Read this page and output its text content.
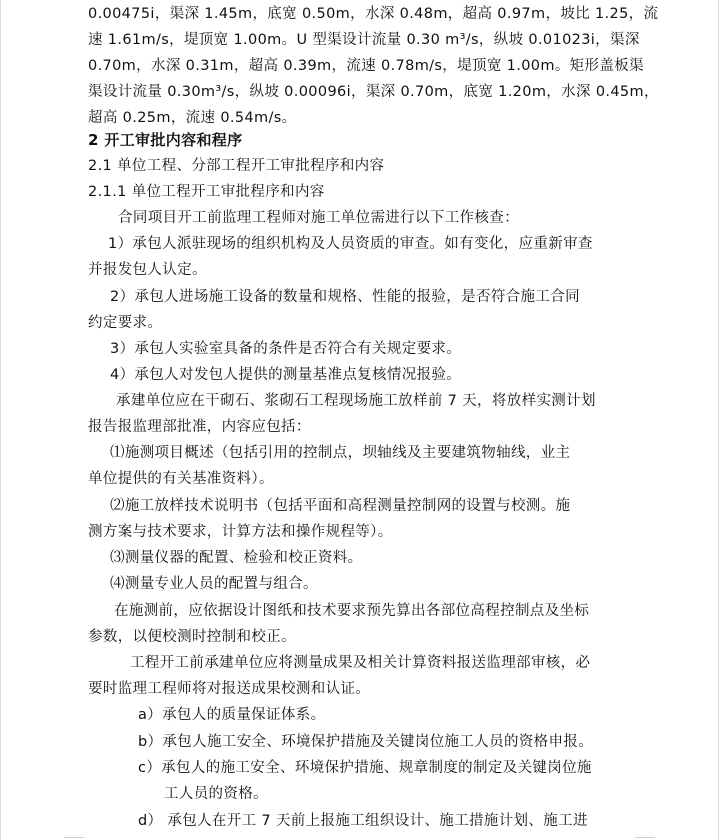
0.00475i，渠深 1.45m，底宽 0.50m，水深 0.48m，超高 0.97m，坡比 1.25，流
速 1.61m/s，堤顶宽 1.00m。U 型渠设计流量 0.30 m³/s，纵坡 0.01023i，渠深
0.70m，水深 0.31m，超高 0.39m，流速 0.78m/s，堤顶宽 1.00m。矩形盖板渠
渠设计流量 0.30m³/s，纵坡 0.00096i，渠深 0.70m，底宽 1.20m，水深 0.45m，
超高 0.25m，流速 0.54m/s。
2 开工审批内容和程序
2.1 单位工程、分部工程开工审批程序和内容
2.1.1 单位工程开工审批程序和内容
合同项目开工前监理工程师对施工单位需进行以下工作核查：
1）承包人派驻现场的组织机构及人员资质的审查。如有变化，应重新审查
并报发包人认定。
2）承包人进场施工设备的数量和规格、性能的报验，是否符合施工合同
约定要求。
3）承包人实验室具备的条件是否符合有关规定要求。
4）承包人对发包人提供的测量基准点复核情况报验。
承建单位应在干砌石、浆砌石工程现场施工放样前 7 天，将放样实测计划
报告报监理部批准，内容应包括：
⑴施测项目概述（包括引用的控制点，坝轴线及主要建筑物轴线，业主
单位提供的有关基准资料）。
⑵施工放样技术说明书（包括平面和高程测量控制网的设置与校测。施
测方案与技术要求，计算方法和操作规程等）。
⑶测量仪器的配置、检验和校正资料。
⑷测量专业人员的配置与组合。
在施测前，应依据设计图纸和技术要求预先算出各部位高程控制点及坐标
参数，以便校测时控制和校正。
工程开工前承建单位应将测量成果及相关计算资料报送监理部审核，必
要时监理工程师将对报送成果校测和认证。
a）承包人的质量保证体系。
b）承包人施工安全、环境保护措施及关键岗位施工人员的资格申报。
c）承包人的施工安全、环境保护措施、规章制度的制定及关键岗位施
工人员的资格。
d） 承包人在开工 7 天前上报施工组织设计、施工措施计划、施工进
